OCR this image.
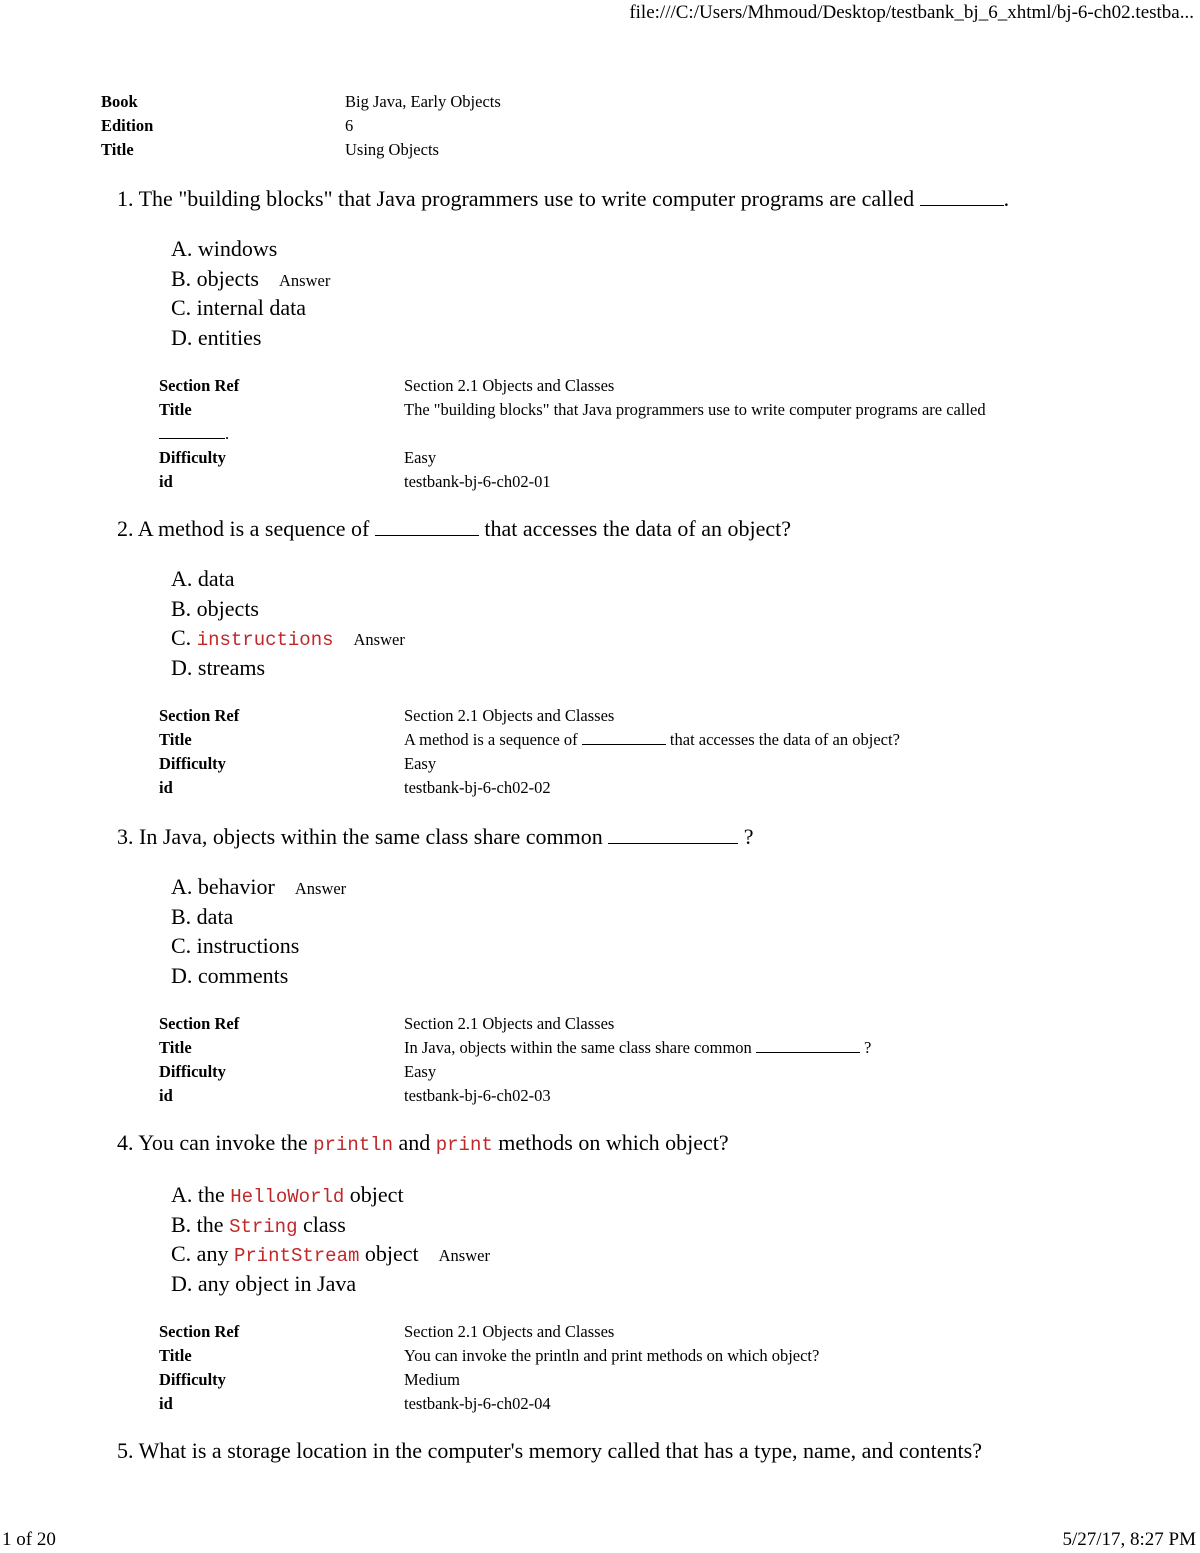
file:///C:/Users/Mhmoud/Desktop/testbank_bj_6_xhtml/bj-6-ch02.testba...
Book	Big Java, Early Objects
Edition	6
Title	Using Objects
1. The "building blocks" that Java programmers use to write computer programs are called	.
A. windows
B. objects Answer
C. internal data
D. entities
Section Ref	Section 2.1 Objects and Classes
Title	The "building blocks" that Java programmers use to write computer programs are called
.
Difficulty	Easy
id	testbank-bj-6-ch02-01
2. A method is a sequence of	that accesses the data of an object?
A. data
B. objects
C. instructions Answer
D. streams
Section Ref	Section 2.1 Objects and Classes
Title	A method is a sequence of	that accesses the data of an object?
Difficulty	Easy
id	testbank-bj-6-ch02-02
3. In Java, objects within the same class share common	?
A. behavior Answer
B. data
C. instructions
D. comments
Section Ref	Section 2.1 Objects and Classes
Title	In Java, objects within the same class share common	?
Difficulty	Easy
id	testbank-bj-6-ch02-03
4. You can invoke the println and print methods on which object?
A. the HelloWorld object
B. the String class
C. any PrintStream object Answer
D. any object in Java
Section Ref	Section 2.1 Objects and Classes
Title	You can invoke the println and print methods on which object?
Difficulty	Medium
id	testbank-bj-6-ch02-04
5. What is a storage location in the computer's memory called that has a type, name, and contents?
1 of 20	5/27/17, 8:27 PM
